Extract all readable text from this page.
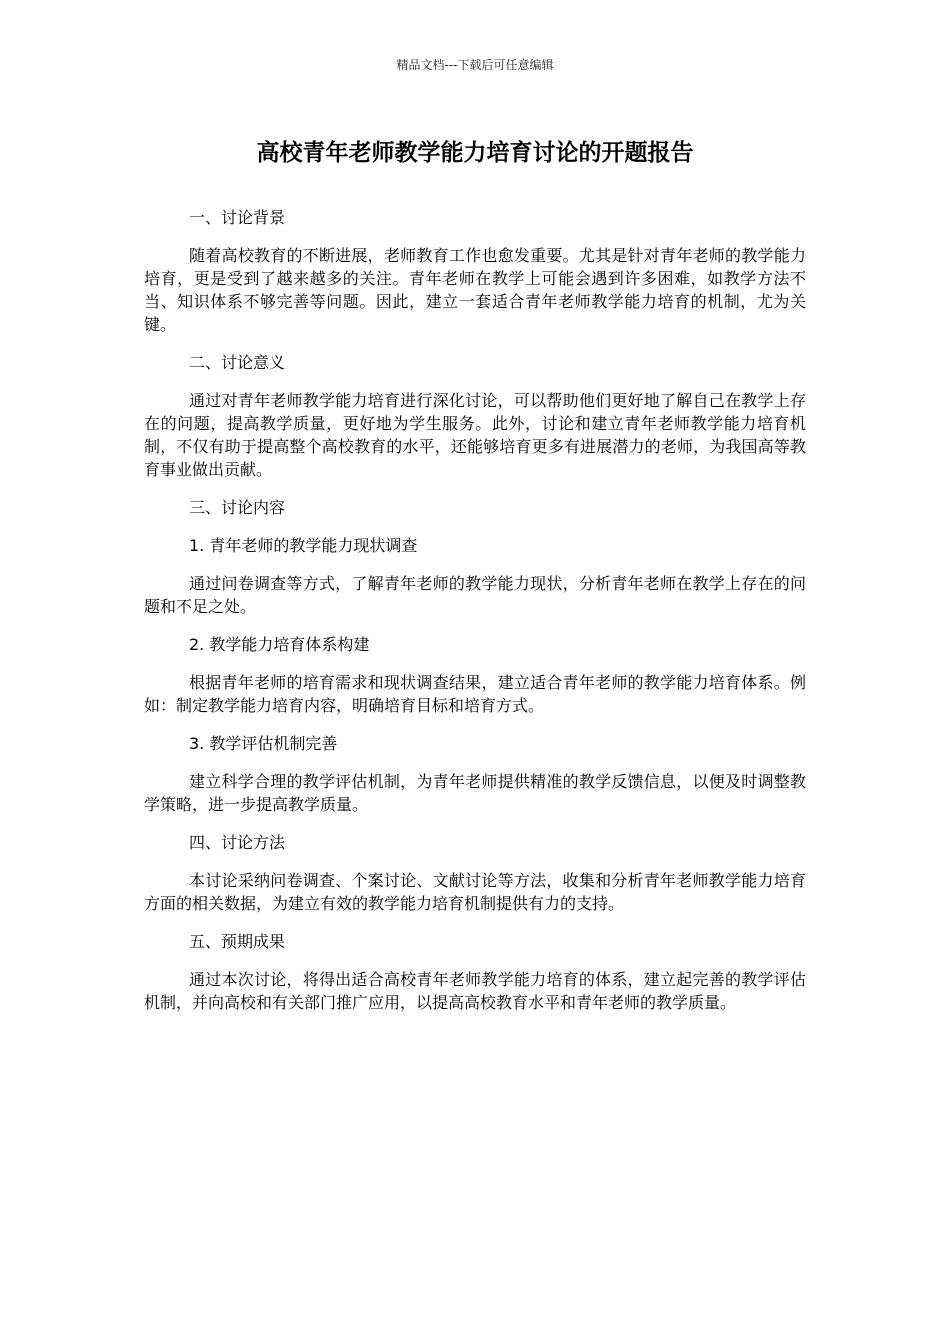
精品文档---下载后可任意编辑
高校青年老师教学能力培育讨论的开题报告

一、讨论背景

随着高校教育的不断进展，老师教育工作也愈发重要。尤其是针对青年老师的教学能力培育，更是受到了越来越多的关注。青年老师在教学上可能会遇到许多困难，如教学方法不当、知识体系不够完善等问题。因此，建立一套适合青年老师教学能力培育的机制，尤为关键。

二、讨论意义

通过对青年老师教学能力培育进行深化讨论，可以帮助他们更好地了解自己在教学上存在的问题，提高教学质量，更好地为学生服务。此外，讨论和建立青年老师教学能力培育机制，不仅有助于提高整个高校教育的水平，还能够培育更多有进展潜力的老师，为我国高等教育事业做出贡献。

三、讨论内容

1. 青年老师的教学能力现状调查

通过问卷调查等方式，了解青年老师的教学能力现状，分析青年老师在教学上存在的问题和不足之处。

2. 教学能力培育体系构建

根据青年老师的培育需求和现状调查结果，建立适合青年老师的教学能力培育体系。例如：制定教学能力培育内容，明确培育目标和培育方式。

3. 教学评估机制完善

建立科学合理的教学评估机制，为青年老师提供精准的教学反馈信息，以便及时调整教学策略，进一步提高教学质量。

四、讨论方法

本讨论采纳问卷调查、个案讨论、文献讨论等方法，收集和分析青年老师教学能力培育方面的相关数据，为建立有效的教学能力培育机制提供有力的支持。

五、预期成果

通过本次讨论，将得出适合高校青年老师教学能力培育的体系，建立起完善的教学评估机制，并向高校和有关部门推广应用，以提高高校教育水平和青年老师的教学质量。
